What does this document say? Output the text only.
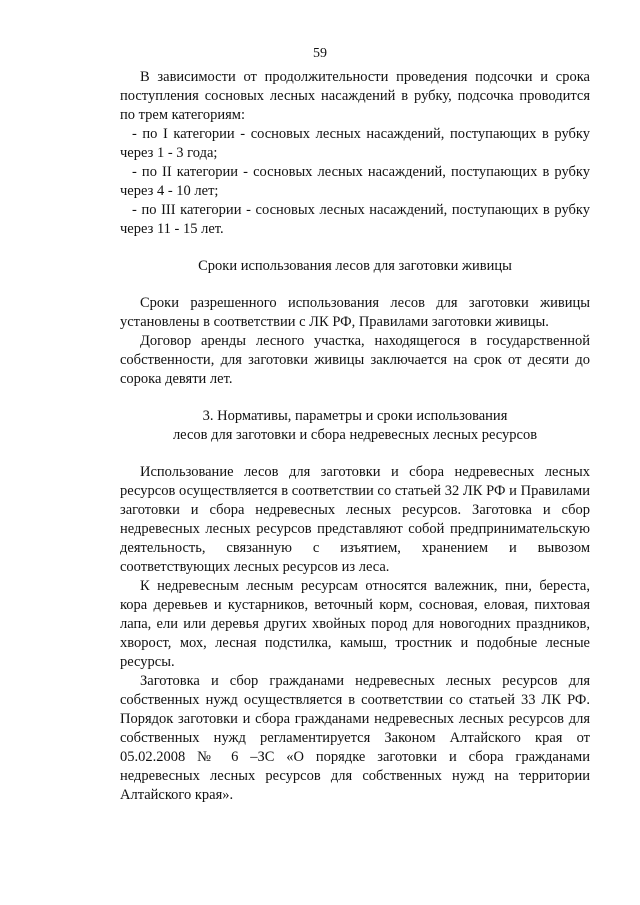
59

В зависимости от продолжительности проведения подсочки и срока поступления сосновых лесных насаждений в рубку, подсочка проводится по трем категориям:

- по I категории - сосновых лесных насаждений, поступающих в рубку через 1 - 3 года;

- по II категории - сосновых лесных насаждений, поступающих в рубку через 4 - 10 лет;

- по III категории - сосновых лесных насаждений, поступающих в рубку через 11 - 15 лет.

Сроки использования лесов для заготовки живицы

Сроки разрешенного использования лесов для заготовки живицы установлены в соответствии с ЛК РФ, Правилами заготовки живицы.

Договор аренды лесного участка, находящегося в государственной собственности, для заготовки живицы заключается на срок от десяти до сорока девяти лет.

3. Нормативы, параметры и сроки использования

лесов для заготовки и сбора недревесных лесных ресурсов

Использование лесов для заготовки и сбора недревесных лесных ресурсов осуществляется в соответствии со статьей 32 ЛК РФ и Правилами заготовки и сбора недревесных лесных ресурсов. Заготовка и сбор недревесных лесных ресурсов представляют собой предпринимательскую деятельность, связанную с изъятием, хранением и вывозом соответствующих лесных ресурсов из леса.

К недревесным лесным ресурсам относятся валежник, пни, береста, кора деревьев и кустарников, веточный корм, сосновая, еловая, пихтовая лапа, ели или деревья других хвойных пород для новогодних праздников, хворост, мох, лесная подстилка, камыш, тростник и подобные лесные ресурсы.

Заготовка и сбор гражданами недревесных лесных ресурсов для собственных нужд осуществляется в соответствии со статьей 33 ЛК РФ. Порядок заготовки и сбора гражданами недревесных лесных ресурсов для собственных нужд регламентируется Законом Алтайского края от 05.02.2008 № 6 –ЗС «О порядке заготовки и сбора гражданами недревесных лесных ресурсов для собственных нужд на территории Алтайского края».
